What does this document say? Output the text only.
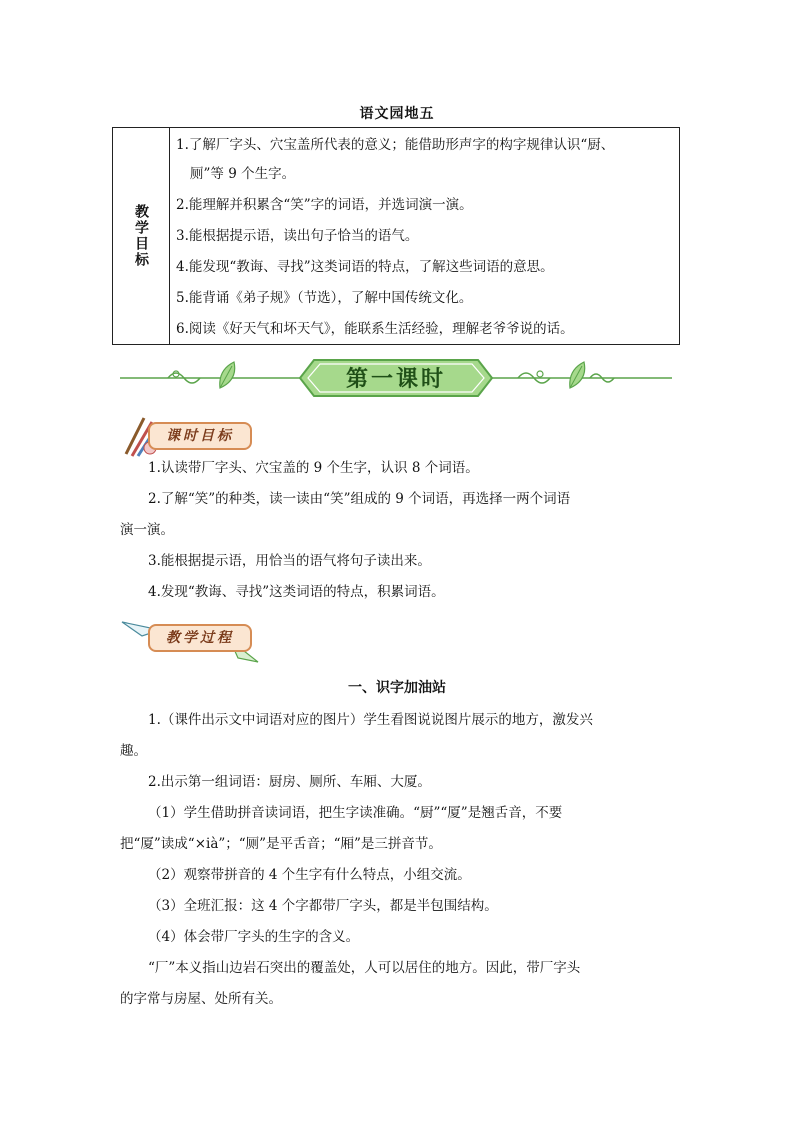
语文园地五
教学目标
1.了解厂字头、穴宝盖所代表的意义；能借助形声字的构字规律认识“厨、
厕”等 9 个生字。
2.能理解并积累含“笑”字的词语，并选词演一演。
3.能根据提示语，读出句子恰当的语气。
4.能发现“教诲、寻找”这类词语的特点，了解这些词语的意思。
5.能背诵《弟子规》（节选），了解中国传统文化。
6.阅读《好天气和坏天气》，能联系生活经验，理解老爷爷说的话。
第一课时
课时目标
1.认读带厂字头、穴宝盖的 9 个生字，认识 8 个词语。
2.了解“笑”的种类，读一读由“笑”组成的 9 个词语，再选择一两个词语
演一演。
3.能根据提示语，用恰当的语气将句子读出来。
4.发现“教诲、寻找”这类词语的特点，积累词语。
教学过程
一、识字加油站
1.（课件出示文中词语对应的图片）学生看图说说图片展示的地方，激发兴
趣。
2.出示第一组词语：厨房、厕所、车厢、大厦。
（1）学生借助拼音读词语，把生字读准确。“厨”“厦”是翘舌音，不要
把“厦”读成“×ià”；“厕”是平舌音；“厢”是三拼音节。
（2）观察带拼音的 4 个生字有什么特点，小组交流。
（3）全班汇报：这 4 个字都带厂字头，都是半包围结构。
（4）体会带厂字头的生字的含义。
“厂”本义指山边岩石突出的覆盖处，人可以居住的地方。因此，带厂字头
的字常与房屋、处所有关。
